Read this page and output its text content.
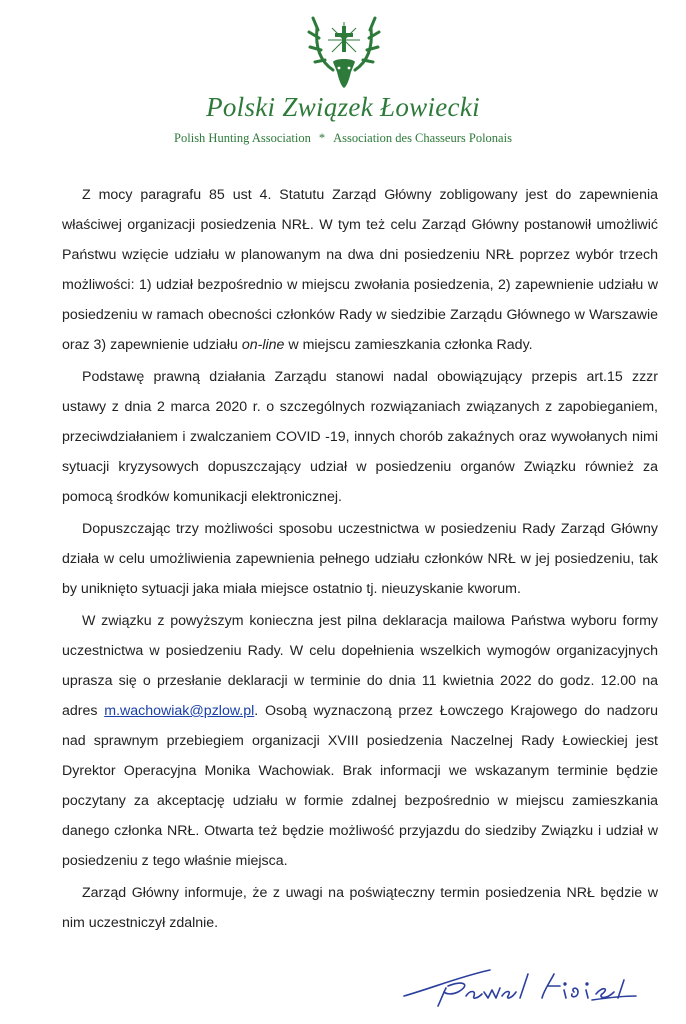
Polski Związek Łowiecki
Polish Hunting Association * Association des Chasseurs Polonais

Z mocy paragrafu 85 ust 4. Statutu Zarząd Główny zobligowany jest do zapewnienia właściwej organizacji posiedzenia NRŁ. W tym też celu Zarząd Główny postanowił umożliwić Państwu wzięcie udziału w planowanym na dwa dni posiedzeniu NRŁ poprzez wybór trzech możliwości: 1) udział bezpośrednio w miejscu zwołania posiedzenia, 2) zapewnienie udziału w posiedzeniu w ramach obecności członków Rady w siedzibie Zarządu Głównego w Warszawie oraz 3) zapewnienie udziału on-line w miejscu zamieszkania członka Rady.

Podstawę prawną działania Zarządu stanowi nadal obowiązujący przepis art.15 zzzr ustawy z dnia 2 marca 2020 r. o szczególnych rozwiązaniach związanych z zapobieganiem, przeciwdziałaniem i zwalczaniem COVID -19, innych chorób zakaźnych oraz wywołanych nimi sytuacji kryzysowych dopuszczający udział w posiedzeniu organów Związku również za pomocą środków komunikacji elektronicznej.

Dopuszczając trzy możliwości sposobu uczestnictwa w posiedzeniu Rady Zarząd Główny działa w celu umożliwienia zapewnienia pełnego udziału członków NRŁ w jej posiedzeniu, tak by uniknięto sytuacji jaka miała miejsce ostatnio tj. nieuzyskanie kworum.

W związku z powyższym konieczna jest pilna deklaracja mailowa Państwa wyboru formy uczestnictwa w posiedzeniu Rady. W celu dopełnienia wszelkich wymogów organizacyjnych uprasza się o przesłanie deklaracji w terminie do dnia 11 kwietnia 2022 do godz. 12.00 na adres m.wachowiak@pzlow.pl. Osobą wyznaczoną przez Łowczego Krajowego do nadzoru nad sprawnym przebiegiem organizacji XVIII posiedzenia Naczelnej Rady Łowieckiej jest Dyrektor Operacyjna Monika Wachowiak. Brak informacji we wskazanym terminie będzie poczytany za akceptację udziału w formie zdalnej bezpośrednio w miejscu zamieszkania danego członka NRŁ. Otwarta też będzie możliwość przyjazdu do siedziby Związku i udział w posiedzeniu z tego właśnie miejsca.

Zarząd Główny informuje, że z uwagi na poświąteczny termin posiedzenia NRŁ będzie w nim uczestniczył zdalnie.
